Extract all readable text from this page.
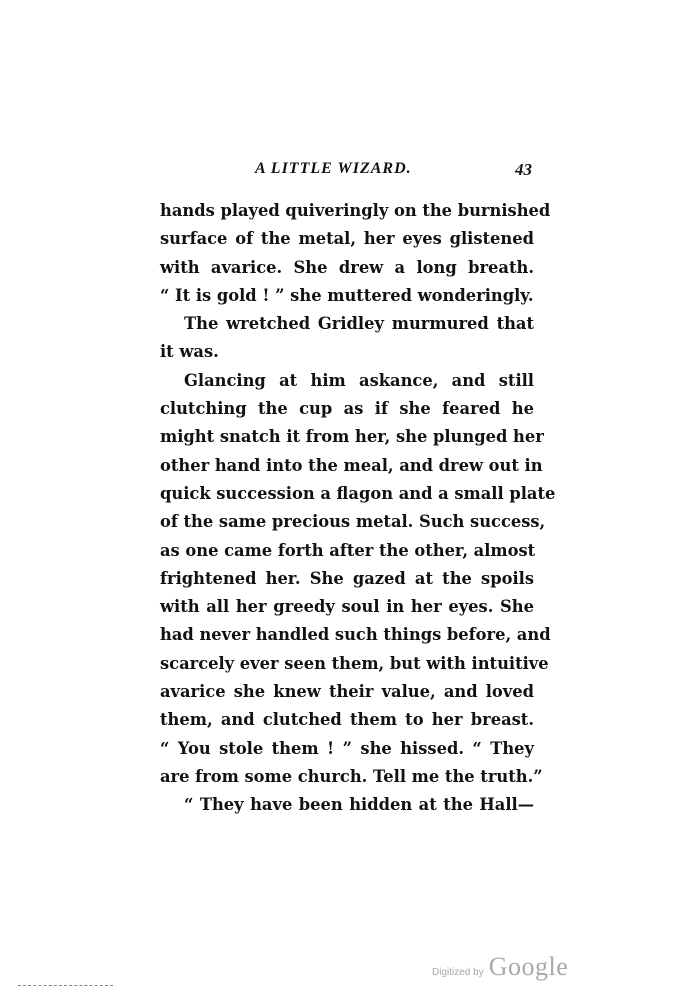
A LITTLE WIZARD.	43
hands played quiveringly on the burnished
surface of the metal, her eyes glistened
with avarice. She drew a long breath.
“ It is gold ! ” she muttered wonderingly.
The wretched Gridley murmured that
it was.
Glancing at him askance, and still
clutching the cup as if she feared he
might snatch it from her, she plunged her
other hand into the meal, and drew out in
quick succession a flagon and a small plate
of the same precious metal. Such success,
as one came forth after the other, almost
frightened her. She gazed at the spoils
with all her greedy soul in her eyes. She
had never handled such things before, and
scarcely ever seen them, but with intuitive
avarice she knew their value, and loved
them, and clutched them to her breast.
“ You stole them ! ” she hissed. “ They
are from some church. Tell me the truth.”
“ They have been hidden at the Hall—
Digitized by Google
